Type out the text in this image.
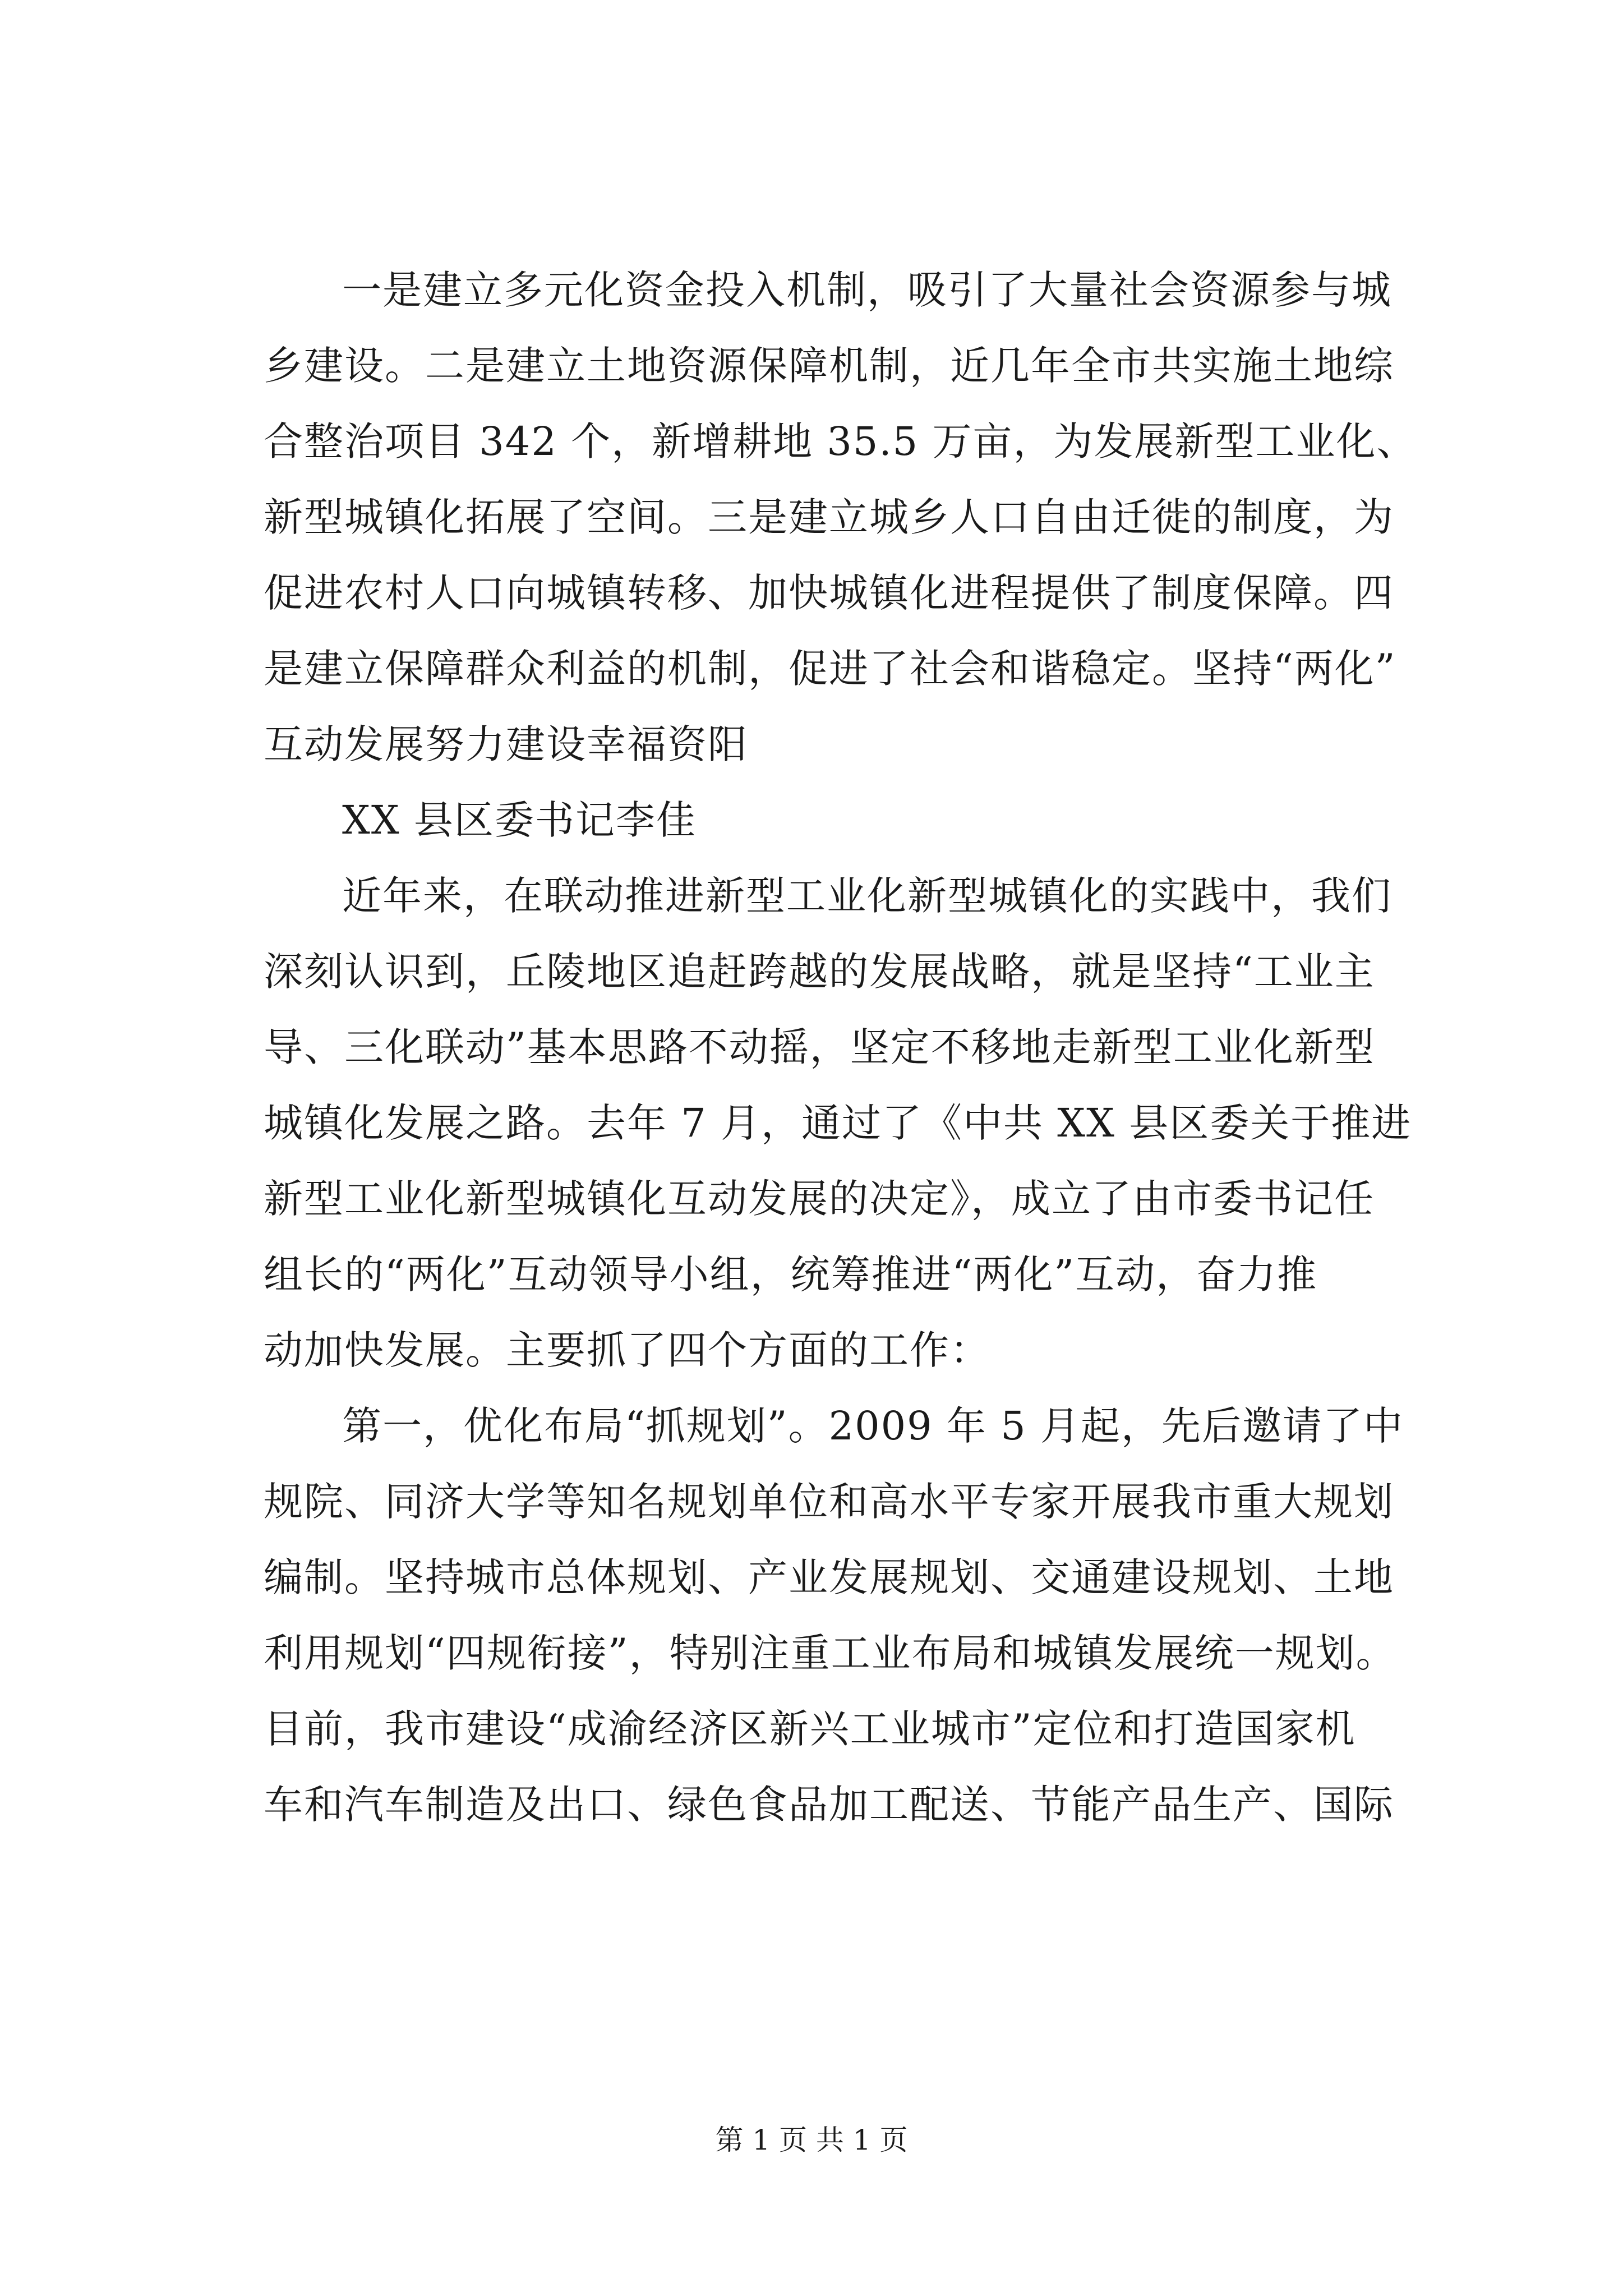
一是建立多元化资金投入机制，吸引了大量社会资源参与城
乡建设。二是建立土地资源保障机制，近几年全市共实施土地综
合整治项目 342 个，新增耕地 35.5 万亩，为发展新型工业化、
新型城镇化拓展了空间。三是建立城乡人口自由迁徙的制度，为
促进农村人口向城镇转移、加快城镇化进程提供了制度保障。四
是建立保障群众利益的机制，促进了社会和谐稳定。坚持“两化”
互动发展努力建设幸福资阳
XX 县区委书记李佳
近年来，在联动推进新型工业化新型城镇化的实践中，我们
深刻认识到，丘陵地区追赶跨越的发展战略，就是坚持“工业主
导、三化联动”基本思路不动摇，坚定不移地走新型工业化新型
城镇化发展之路。去年 7 月，通过了《中共 XX 县区委关于推进
新型工业化新型城镇化互动发展的决定》，成立了由市委书记任
组长的“两化”互动领导小组，统筹推进“两化”互动，奋力推
动加快发展。主要抓了四个方面的工作：
第一，优化布局“抓规划”。2009 年 5 月起，先后邀请了中
规院、同济大学等知名规划单位和高水平专家开展我市重大规划
编制。坚持城市总体规划、产业发展规划、交通建设规划、土地
利用规划“四规衔接”，特别注重工业布局和城镇发展统一规划。
目前，我市建设“成渝经济区新兴工业城市”定位和打造国家机
车和汽车制造及出口、绿色食品加工配送、节能产品生产、国际
第 1 页 共 1 页
